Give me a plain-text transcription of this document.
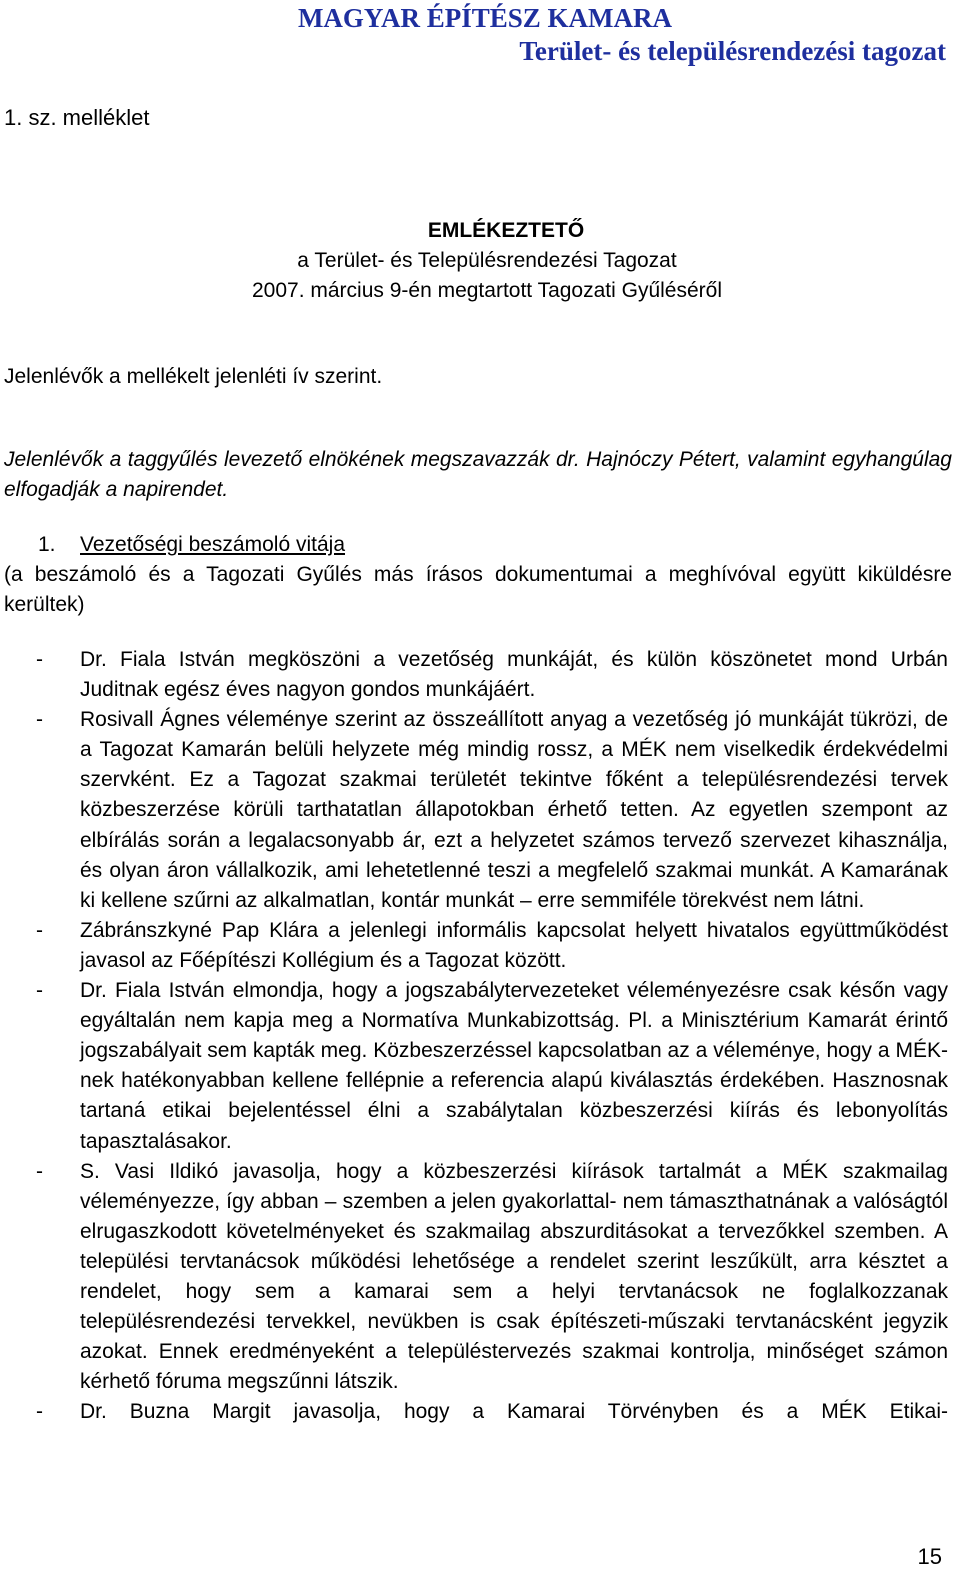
MAGYAR ÉPÍTÉSZ KAMARA
Terület- és településrendezési tagozat
1. sz. melléklet
EMLÉKEZTETŐ
a Terület- és Településrendezési Tagozat
2007. március 9-én megtartott Tagozati Gyűléséről
Jelenlévők a mellékelt jelenléti ív szerint.
Jelenlévők a taggyűlés levezető elnökének megszavazzák dr. Hajnóczy Pétert, valamint egyhangúlag elfogadják a napirendet.
1. Vezetőségi beszámoló vitája
(a beszámoló és a Tagozati Gyűlés más írásos dokumentumai a meghívóval együtt kiküldésre kerültek)
- Dr. Fiala István megköszöni a vezetőség munkáját, és külön köszönetet mond Urbán Juditnak egész éves nagyon gondos munkájáért.
- Rosivall Ágnes véleménye szerint az összeállított anyag a vezetőség jó munkáját tükrözi, de a Tagozat Kamarán belüli helyzete még mindig rossz, a MÉK nem viselkedik érdekvédelmi szervként. Ez a Tagozat szakmai területét tekintve főként a településrendezési tervek közbeszerzése körüli tarthatatlan állapotokban érhető tetten. Az egyetlen szempont az elbírálás során a legalacsonyabb ár, ezt a helyzetet számos tervező szervezet kihasználja, és olyan áron vállalkozik, ami lehetetlenné teszi a megfelelő szakmai munkát. A Kamarának ki kellene szűrni az alkalmatlan, kontár munkát – erre semmiféle törekvést nem látni.
- Zábránszkyné Pap Klára a jelenlegi informális kapcsolat helyett hivatalos együttműködést javasol az Főépítészi Kollégium és a Tagozat között.
- Dr. Fiala István elmondja, hogy a jogszabálytervezeteket véleményezésre csak későn vagy egyáltalán nem kapja meg a Normatíva Munkabizottság. Pl. a Minisztérium Kamarát érintő jogszabályait sem kapták meg. Közbeszerzéssel kapcsolatban az a véleménye, hogy a MÉK-nek hatékonyabban kellene fellépnie a referencia alapú kiválasztás érdekében. Hasznosnak tartaná etikai bejelentéssel élni a szabálytalan közbeszerzési kiírás és lebonyolítás tapasztalásakor.
- S. Vasi Ildikó javasolja, hogy a közbeszerzési kiírások tartalmát a MÉK szakmailag véleményezze, így abban – szemben a jelen gyakorlattal- nem támaszthatnának a valóságtól elrugaszkodott követelményeket és szakmailag abszurditásokat a tervezőkkel szemben. A települési tervtanácsok működési lehetősége a rendelet szerint leszűkült, arra késztet a rendelet, hogy sem a kamarai sem a helyi tervtanácsok ne foglalkozzanak településrendezési tervekkel, nevükben is csak építészeti-műszaki tervtanácsként jegyzik azokat. Ennek eredményeként a településtervezés szakmai kontrolja, minőséget számon kérhető fóruma megszűnni látszik.
- Dr. Buzna Margit javasolja, hogy a Kamarai Törvényben és a MÉK Etikai-
15
